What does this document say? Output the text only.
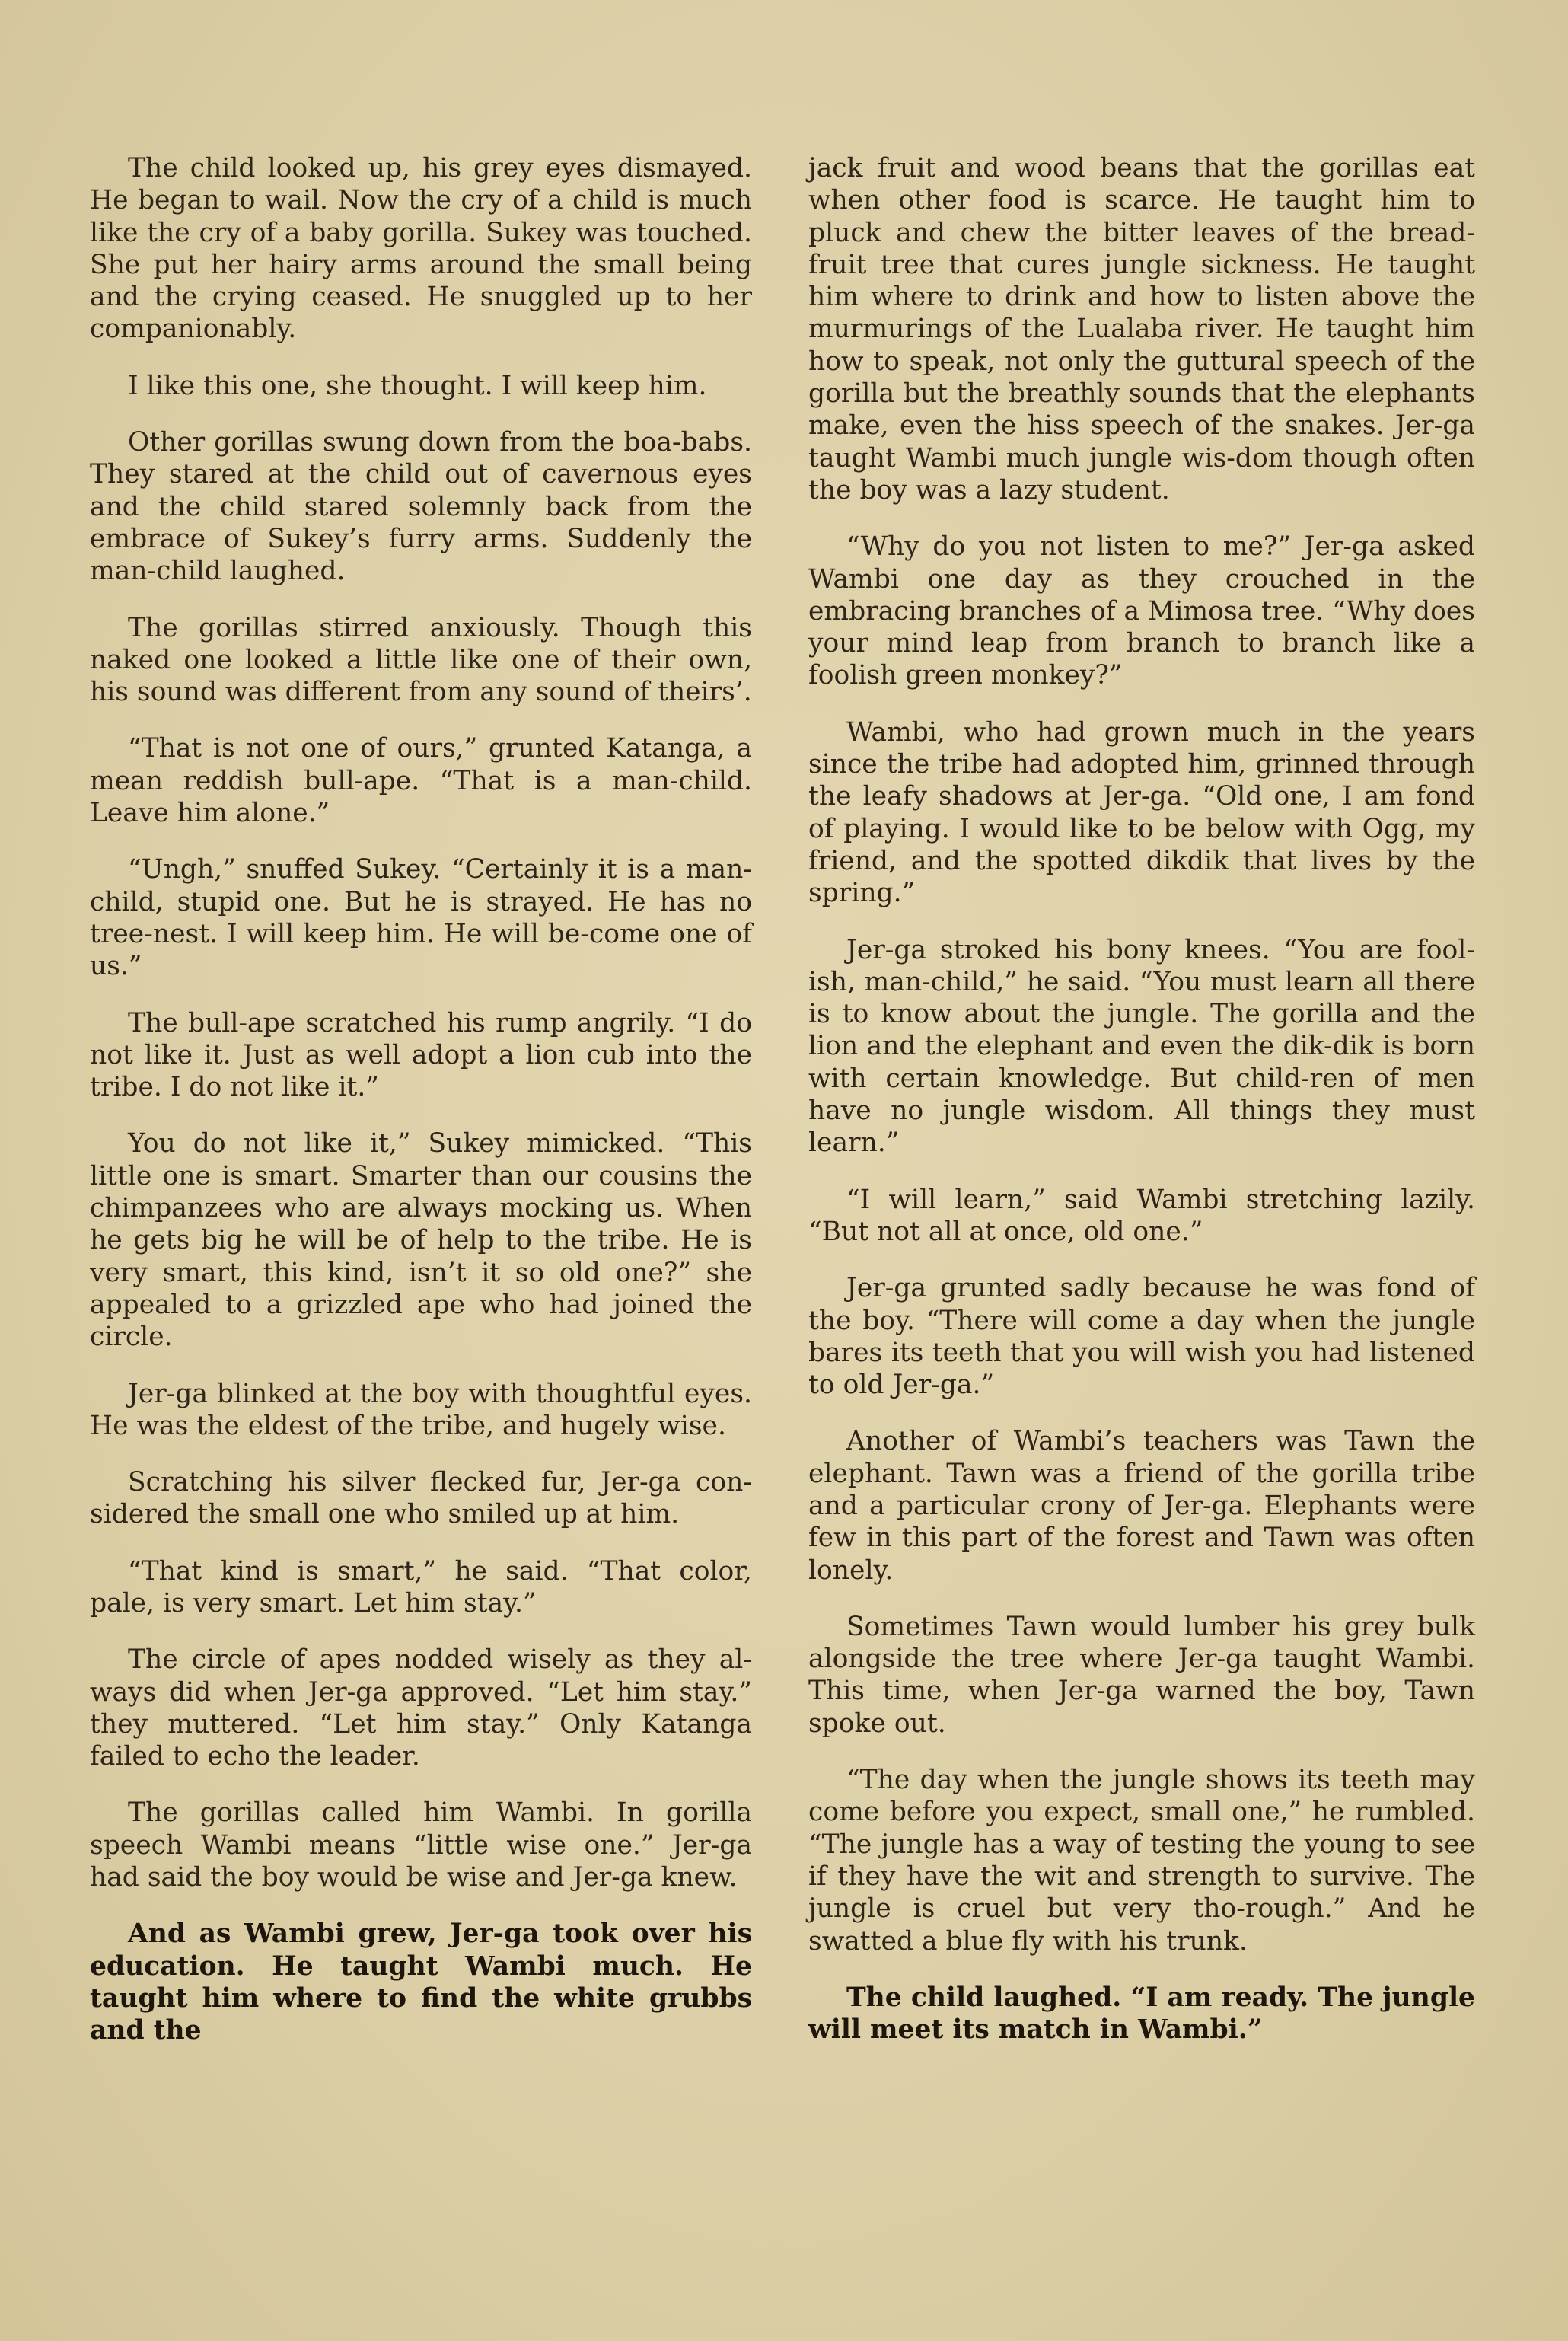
The child looked up, his grey eyes dismayed. He began to wail. Now the cry of a child is much like the cry of a baby gorilla. Sukey was touched. She put her hairy arms around the small being and the crying ceased. He snuggled up to her companionably.

I like this one, she thought. I will keep him.

Other gorillas swung down from the boa-babs. They stared at the child out of cavernous eyes and the child stared solemnly back from the embrace of Sukey’s furry arms. Suddenly the man-child laughed.

The gorillas stirred anxiously. Though this naked one looked a little like one of their own, his sound was different from any sound of theirs’.

“That is not one of ours,” grunted Katanga, a mean reddish bull-ape. “That is a man-child. Leave him alone.”

“Ungh,” snuffed Sukey. “Certainly it is a man-child, stupid one. But he is strayed. He has no tree-nest. I will keep him. He will be-come one of us.”

The bull-ape scratched his rump angrily. “I do not like it. Just as well adopt a lion cub into the tribe. I do not like it.”

You do not like it,” Sukey mimicked. “This little one is smart. Smarter than our cousins the chimpanzees who are always mocking us. When he gets big he will be of help to the tribe. He is very smart, this kind, isn’t it so old one?” she appealed to a grizzled ape who had joined the circle.

Jer-ga blinked at the boy with thoughtful eyes. He was the eldest of the tribe, and hugely wise.

Scratching his silver flecked fur, Jer-ga con-sidered the small one who smiled up at him.

“That kind is smart,” he said. “That color, pale, is very smart. Let him stay.”

The circle of apes nodded wisely as they al-ways did when Jer-ga approved. “Let him stay.” they muttered. “Let him stay.” Only Katanga failed to echo the leader.

The gorillas called him Wambi. In gorilla speech Wambi means “little wise one.” Jer-ga had said the boy would be wise and Jer-ga knew.

And as Wambi grew, Jer-ga took over his education. He taught Wambi much. He taught him where to find the white grubbs and the

jack fruit and wood beans that the gorillas eat when other food is scarce. He taught him to pluck and chew the bitter leaves of the bread-fruit tree that cures jungle sickness. He taught him where to drink and how to listen above the murmurings of the Lualaba river. He taught him how to speak, not only the guttural speech of the gorilla but the breathly sounds that the elephants make, even the hiss speech of the snakes. Jer-ga taught Wambi much jungle wis-dom though often the boy was a lazy student.

“Why do you not listen to me?” Jer-ga asked Wambi one day as they crouched in the embracing branches of a Mimosa tree. “Why does your mind leap from branch to branch like a foolish green monkey?”

Wambi, who had grown much in the years since the tribe had adopted him, grinned through the leafy shadows at Jer-ga. “Old one, I am fond of playing. I would like to be below with Ogg, my friend, and the spotted dikdik that lives by the spring.”

Jer-ga stroked his bony knees. “You are fool-ish, man-child,” he said. “You must learn all there is to know about the jungle. The gorilla and the lion and the elephant and even the dik-dik is born with certain knowledge. But child-ren of men have no jungle wisdom. All things they must learn.”

“I will learn,” said Wambi stretching lazily. “But not all at once, old one.”

Jer-ga grunted sadly because he was fond of the boy. “There will come a day when the jungle bares its teeth that you will wish you had listened to old Jer-ga.”

Another of Wambi’s teachers was Tawn the elephant. Tawn was a friend of the gorilla tribe and a particular crony of Jer-ga. Elephants were few in this part of the forest and Tawn was often lonely.

Sometimes Tawn would lumber his grey bulk alongside the tree where Jer-ga taught Wambi. This time, when Jer-ga warned the boy, Tawn spoke out.

“The day when the jungle shows its teeth may come before you expect, small one,” he rumbled. “The jungle has a way of testing the young to see if they have the wit and strength to survive. The jungle is cruel but very tho-rough.” And he swatted a blue fly with his trunk.

The child laughed. “I am ready. The jungle will meet its match in Wambi.”
